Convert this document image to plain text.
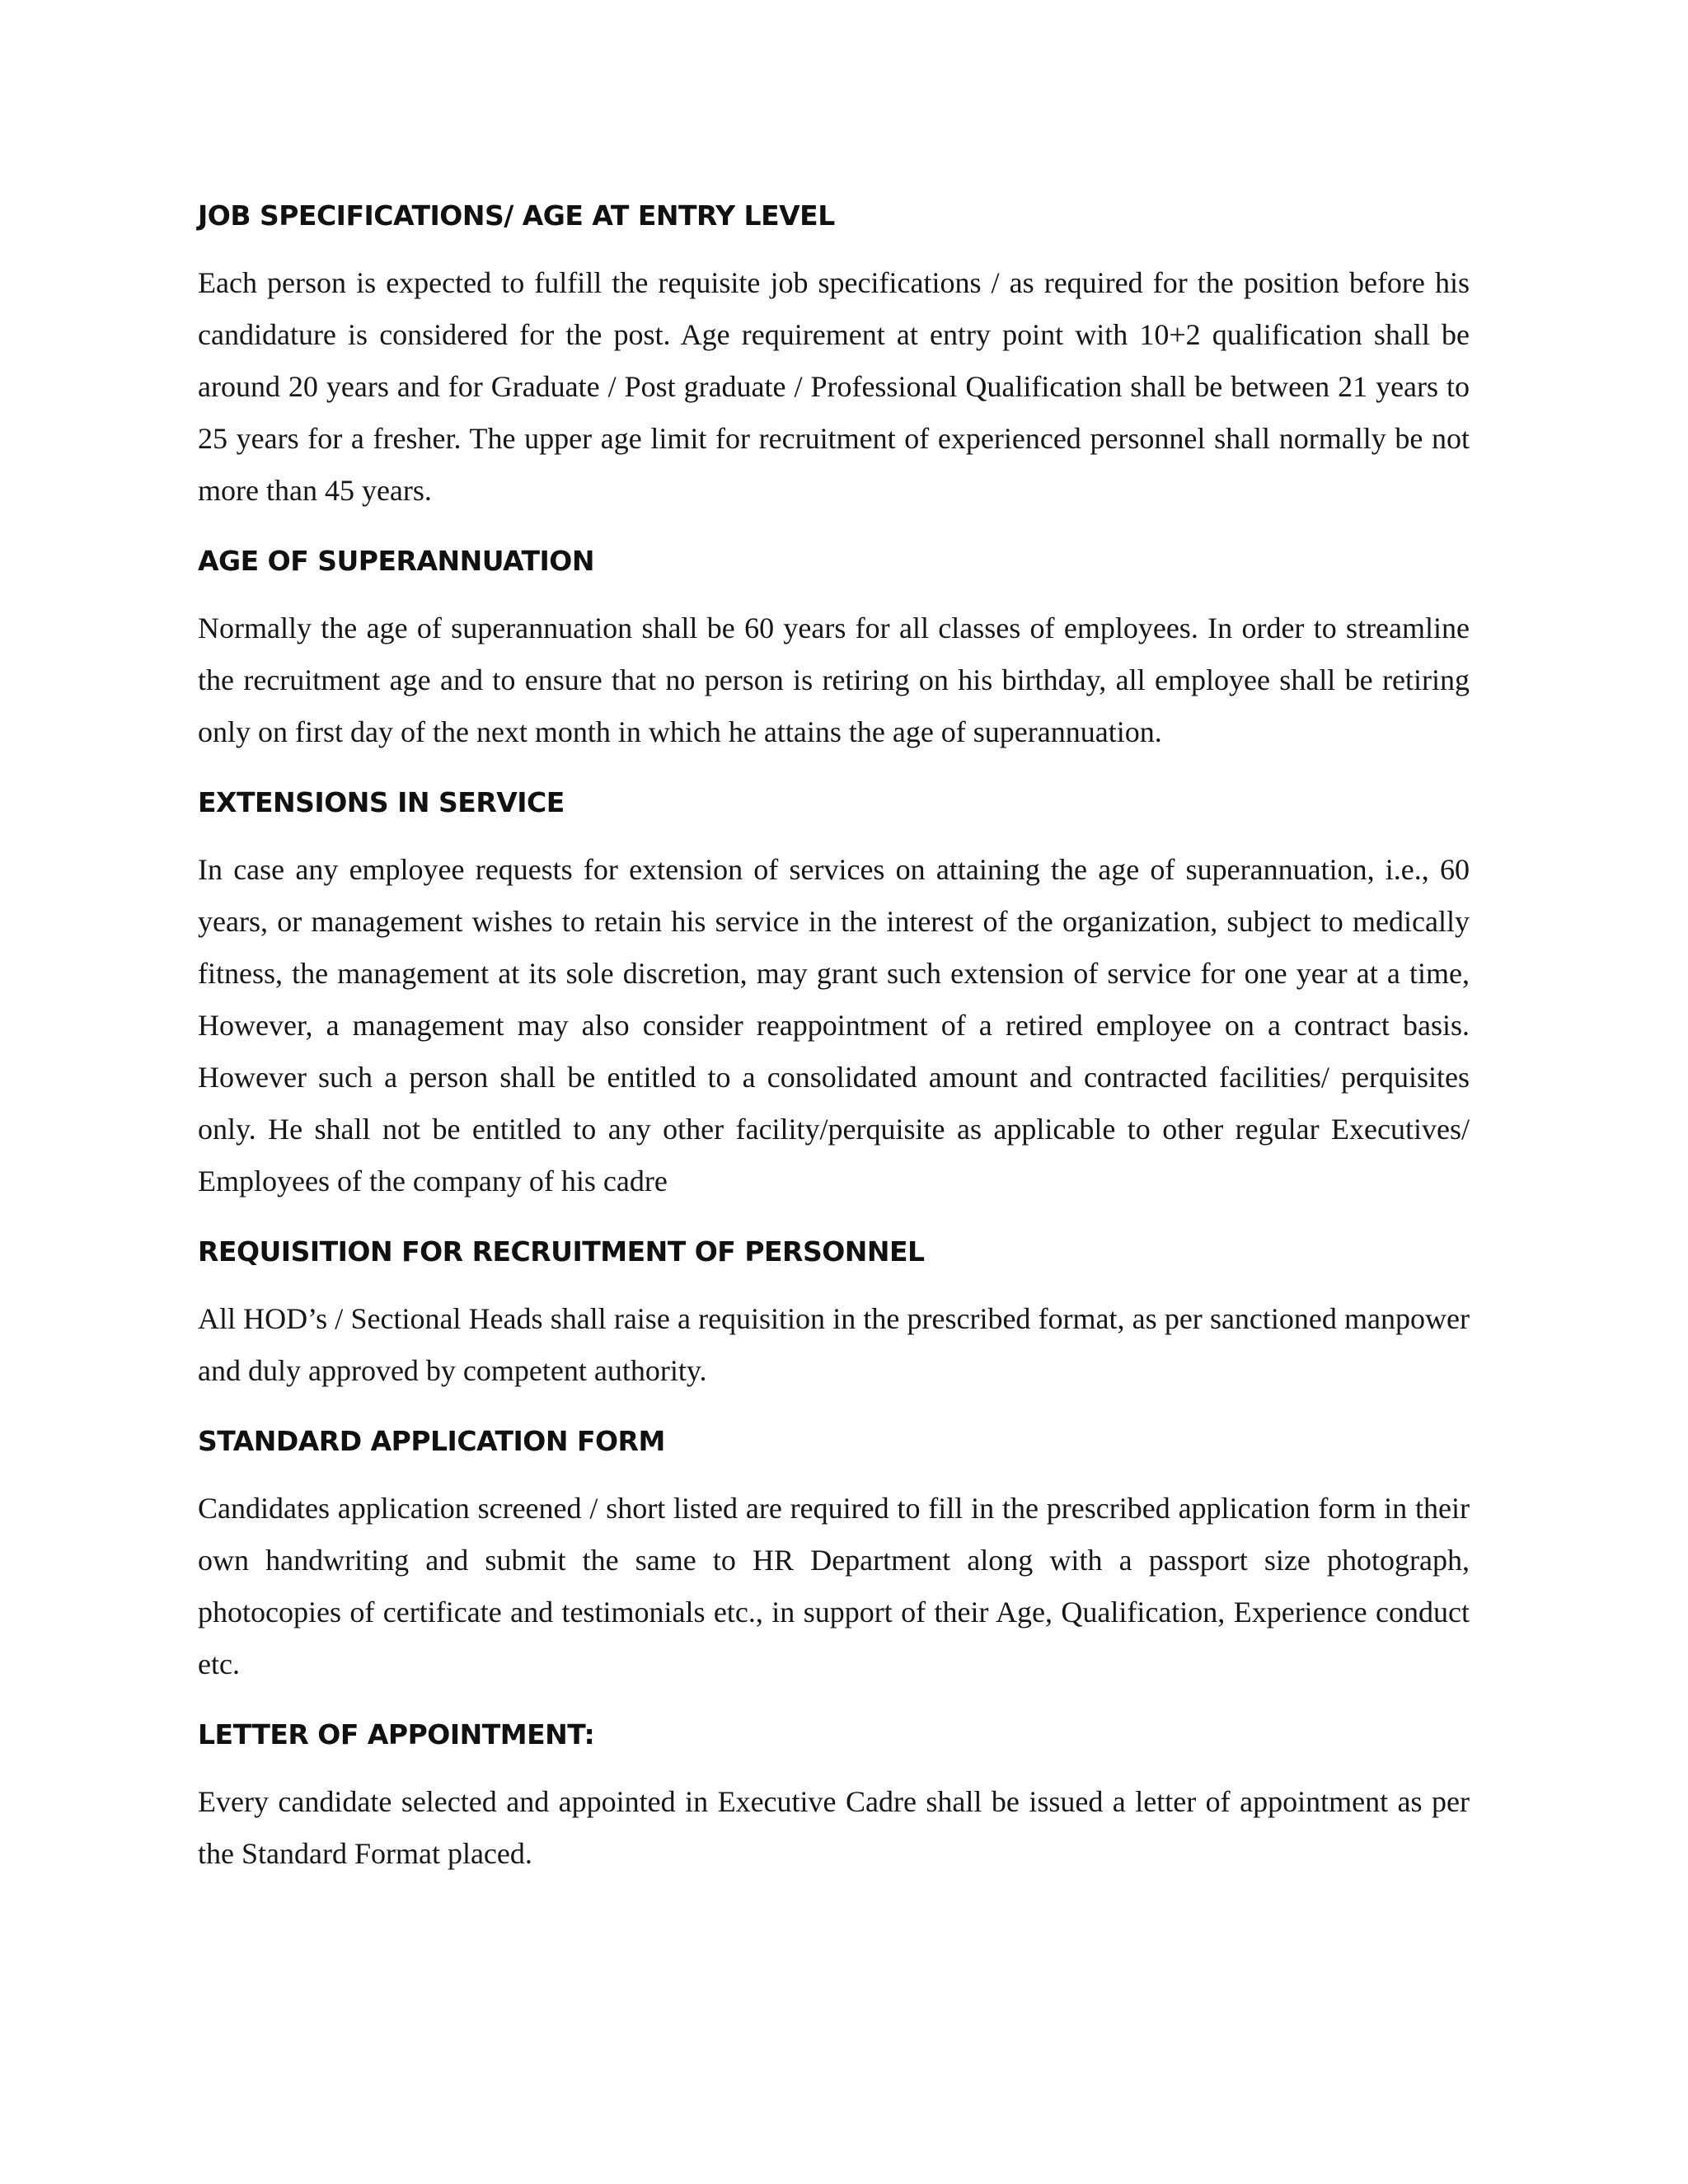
JOB SPECIFICATIONS/ AGE AT ENTRY LEVEL

Each person is expected to fulfill the requisite job specifications / as required for the position before his candidature is considered for the post. Age requirement at entry point with 10+2 qualification shall be around 20 years and for Graduate / Post graduate / Professional Qualification shall be between 21 years to 25 years for a fresher. The upper age limit for recruitment of experienced personnel shall normally be not more than 45 years.

AGE OF SUPERANNUATION

Normally the age of superannuation shall be 60 years for all classes of employees. In order to streamline the recruitment age and to ensure that no person is retiring on his birthday, all employee shall be retiring only on first day of the next month in which he attains the age of superannuation.

EXTENSIONS IN SERVICE

In case any employee requests for extension of services on attaining the age of superannuation, i.e., 60 years, or management wishes to retain his service in the interest of the organization, subject to medically fitness, the management at its sole discretion, may grant such extension of service for one year at a time, However, a management may also consider reappointment of a retired employee on a contract basis. However such a person shall be entitled to a consolidated amount and contracted facilities/ perquisites only. He shall not be entitled to any other facility/perquisite as applicable to other regular Executives/ Employees of the company of his cadre

REQUISITION FOR RECRUITMENT OF PERSONNEL

All HOD’s / Sectional Heads shall raise a requisition in the prescribed format, as per sanctioned manpower and duly approved by competent authority.

STANDARD APPLICATION FORM

Candidates application screened / short listed are required to fill in the prescribed application form in their own handwriting and submit the same to HR Department along with a passport size photograph, photocopies of certificate and testimonials etc., in support of their Age, Qualification, Experience conduct etc.

LETTER OF APPOINTMENT:

Every candidate selected and appointed in Executive Cadre shall be issued a letter of appointment as per the Standard Format placed.
